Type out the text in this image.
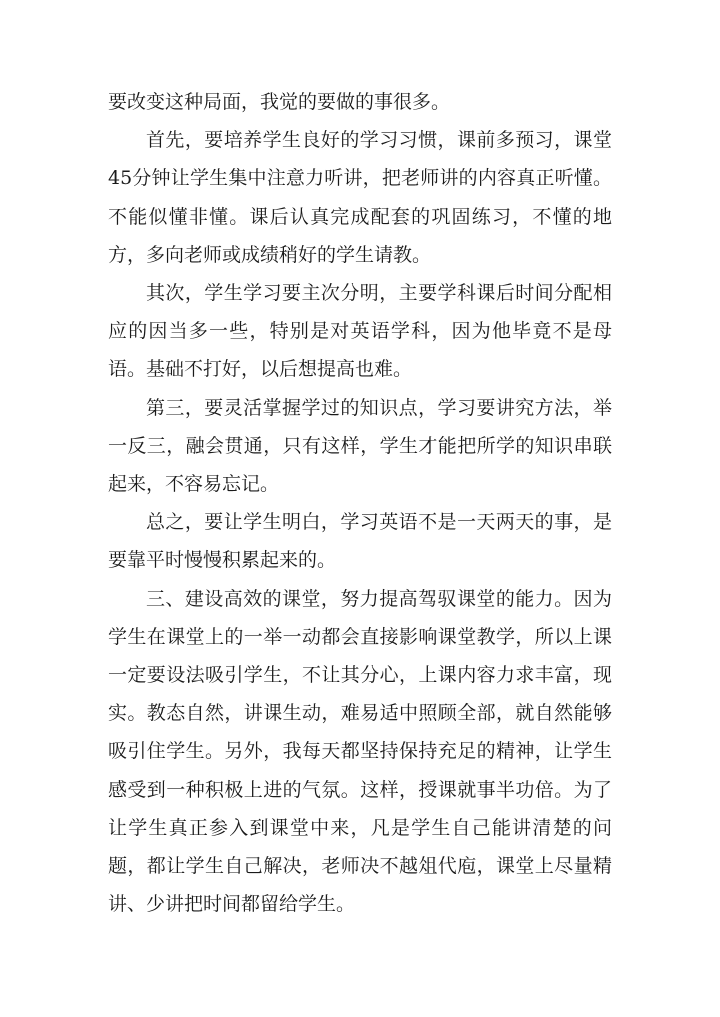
要改变这种局面，我觉的要做的事很多。

首先，要培养学生良好的学习习惯，课前多预习，课堂45分钟让学生集中注意力听讲，把老师讲的内容真正听懂。不能似懂非懂。课后认真完成配套的巩固练习，不懂的地方，多向老师或成绩稍好的学生请教。

其次，学生学习要主次分明，主要学科课后时间分配相应的因当多一些，特别是对英语学科，因为他毕竟不是母语。基础不打好，以后想提高也难。

第三，要灵活掌握学过的知识点，学习要讲究方法，举一反三，融会贯通，只有这样，学生才能把所学的知识串联起来，不容易忘记。

总之，要让学生明白，学习英语不是一天两天的事，是要靠平时慢慢积累起来的。

三、建设高效的课堂，努力提高驾驭课堂的能力。因为学生在课堂上的一举一动都会直接影响课堂教学，所以上课一定要设法吸引学生，不让其分心，上课内容力求丰富，现实。教态自然，讲课生动，难易适中照顾全部，就自然能够吸引住学生。另外，我每天都坚持保持充足的精神，让学生感受到一种积极上进的气氛。这样，授课就事半功倍。为了让学生真正参入到课堂中来，凡是学生自己能讲清楚的问题，都让学生自己解决，老师决不越俎代庖，课堂上尽量精讲、少讲把时间都留给学生。
